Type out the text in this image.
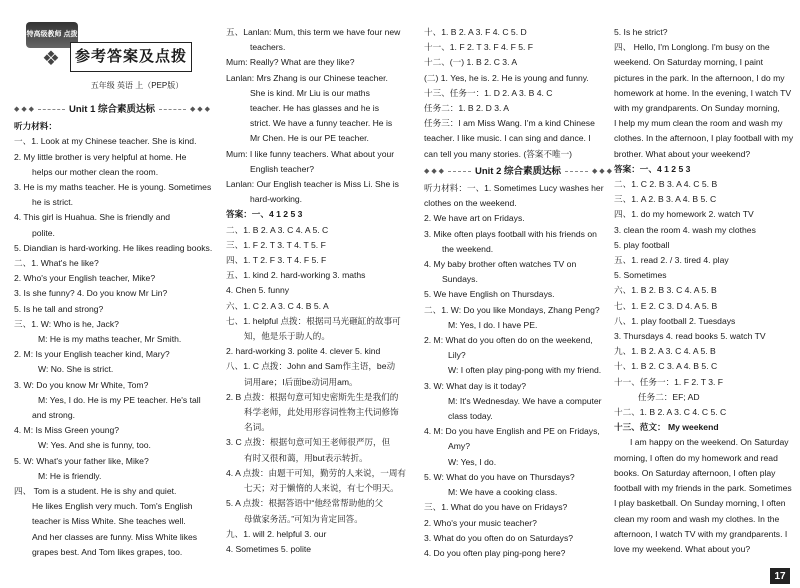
特高级教师 点拨
❖	参考答案及点拨
五年级 英语 上（PEP版）
◆ ◆ ◆	Unit 1 综合素质达标	◆ ◆ ◆
听力材料：
一、1. Look at my Chinese teacher. She is kind.
2. My little brother is very helpful at home. He
helps our mother clean the room.
3. He is my maths teacher. He is young. Sometimes
he is strict.
4. This girl is Huahua. She is friendly and
polite.
5. Diandian is hard-working. He likes reading books.
二、1. What's he like?
2. Who's your English teacher, Mike?
3. Is she funny? 4. Do you know Mr Lin?
5. Is he tall and strong?
三、1. W: Who is he, Jack?
M: He is my maths teacher, Mr Smith.
2. M: Is your English teacher kind, Mary?
W: No. She is strict.
3. W: Do you know Mr White, Tom?
M: Yes, I do. He is my PE teacher. He's tall
and strong.
4. M: Is Miss Green young?
W: Yes. And she is funny, too.
5. W: What's your father like, Mike?
M: He is friendly.
四、 Tom is a student. He is shy and quiet.
He likes English very much. Tom's English
teacher is Miss White. She teaches well.
And her classes are funny. Miss White likes
grapes best. And Tom likes grapes, too.
五、Lanlan: Mum, this term we have four new
teachers.
Mum: Really? What are they like?
Lanlan: Mrs Zhang is our Chinese teacher.
She is kind. Mr Liu is our maths
teacher. He has glasses and he is
strict. We have a funny teacher. He is
Mr Chen. He is our PE teacher.
Mum: I like funny teachers. What about your
English teacher?
Lanlan: Our English teacher is Miss Li. She is
hard-working.
答案：一、4 1 2 5 3
二、1. B 2. A 3. C 4. A 5. C
三、1. F 2. T 3. T 4. T 5. F
四、1. T 2. F 3. T 4. F 5. F
五、1. kind 2. hard-working 3. maths
4. Chen 5. funny
六、1. C 2. A 3. C 4. B 5. A
七、1. helpful 点拨：根据司马光砸缸的故事可
知，他是乐于助人的。
2. hard-working 3. polite 4. clever 5. kind
八、1. C 点拨：John and Sam作主语，be动
词用are；I后面be动词用am。
2. B 点拨：根据句意可知史密斯先生是我们的
科学老师，此处用形容词性物主代词修饰
名词。
3. C 点拨：根据句意可知王老师很严厉，但
有时又很和蔼，用but表示转折。
4. A 点拨：由题干可知，勤劳的人来说，一周有
七天；对于懒惰的人来说，有七个明天。
5. A 点拨：根据答语中“他经常帮助他的父
母做家务活。”可知为肯定回答。
九、1. will 2. helpful 3. our
4. Sometimes 5. polite
十、1. B 2. A 3. F 4. C 5. D
十一、1. F 2. T 3. F 4. F 5. F
十二、(一) 1. B 2. C 3. A
(二) 1. Yes, he is. 2. He is young and funny.
十三、任务一：1. D 2. A 3. B 4. C
任务二：1. B 2. D 3. A
任务三：I am Miss Wang. I'm a kind Chinese
teacher. I like music. I can sing and dance. I
can tell you many stories. (答案不唯一)
◆ ◆ ◆	Unit 2 综合素质达标	◆ ◆ ◆
听力材料：一、1. Sometimes Lucy washes her
clothes on the weekend.
2. We have art on Fridays.
3. Mike often plays football with his friends on
the weekend.
4. My baby brother often watches TV on
Sundays.
5. We have English on Thursdays.
二、1. W: Do you like Mondays, Zhang Peng?
M: Yes, I do. I have PE.
2. M: What do you often do on the weekend,
Lily?
W: I often play ping-pong with my friend.
3. W: What day is it today?
M: It's Wednesday. We have a computer
class today.
4. M: Do you have English and PE on Fridays,
Amy?
W: Yes, I do.
5. W: What do you have on Thursdays?
M: We have a cooking class.
三、1. What do you have on Fridays?
2. Who's your music teacher?
3. What do you often do on Saturdays?
4. Do you often play ping-pong here?
5. Is he strict?
四、 Hello, I'm Longlong. I'm busy on the
weekend. On Saturday morning, I paint
pictures in the park. In the afternoon, I do my
homework at home. In the evening, I watch TV
with my grandparents. On Sunday morning,
I help my mum clean the room and wash my
clothes. In the afternoon, I play football with my
brother. What about your weekend?
答案：一、4 1 2 5 3
二、1. C 2. B 3. A 4. C 5. B
三、1. A 2. B 3. A 4. B 5. C
四、1. do my homework 2. watch TV
3. clean the room 4. wash my clothes
5. play football
五、1. read 2. / 3. tired 4. play
5. Sometimes
六、1. B 2. B 3. C 4. A 5. B
七、1. E 2. C 3. D 4. A 5. B
八、1. play football 2. Tuesdays
3. Thursdays 4. read books 5. watch TV
九、1. B 2. A 3. C 4. A 5. B
十、1. B 2. C 3. A 4. B 5. C
十一、任务一：1. F 2. T 3. F
任务二：EF; AD
十二、1. B 2. A 3. C 4. C 5. C
十三、范文： My weekend
I am happy on the weekend. On Saturday morning, I often do my homework and read books. On Saturday afternoon, I often play football with my friends in the park. Sometimes I play basketball. On Sunday morning, I often clean my room and wash my clothes. In the afternoon, I watch TV with my grandparents. I love my weekend. What about you?
17
